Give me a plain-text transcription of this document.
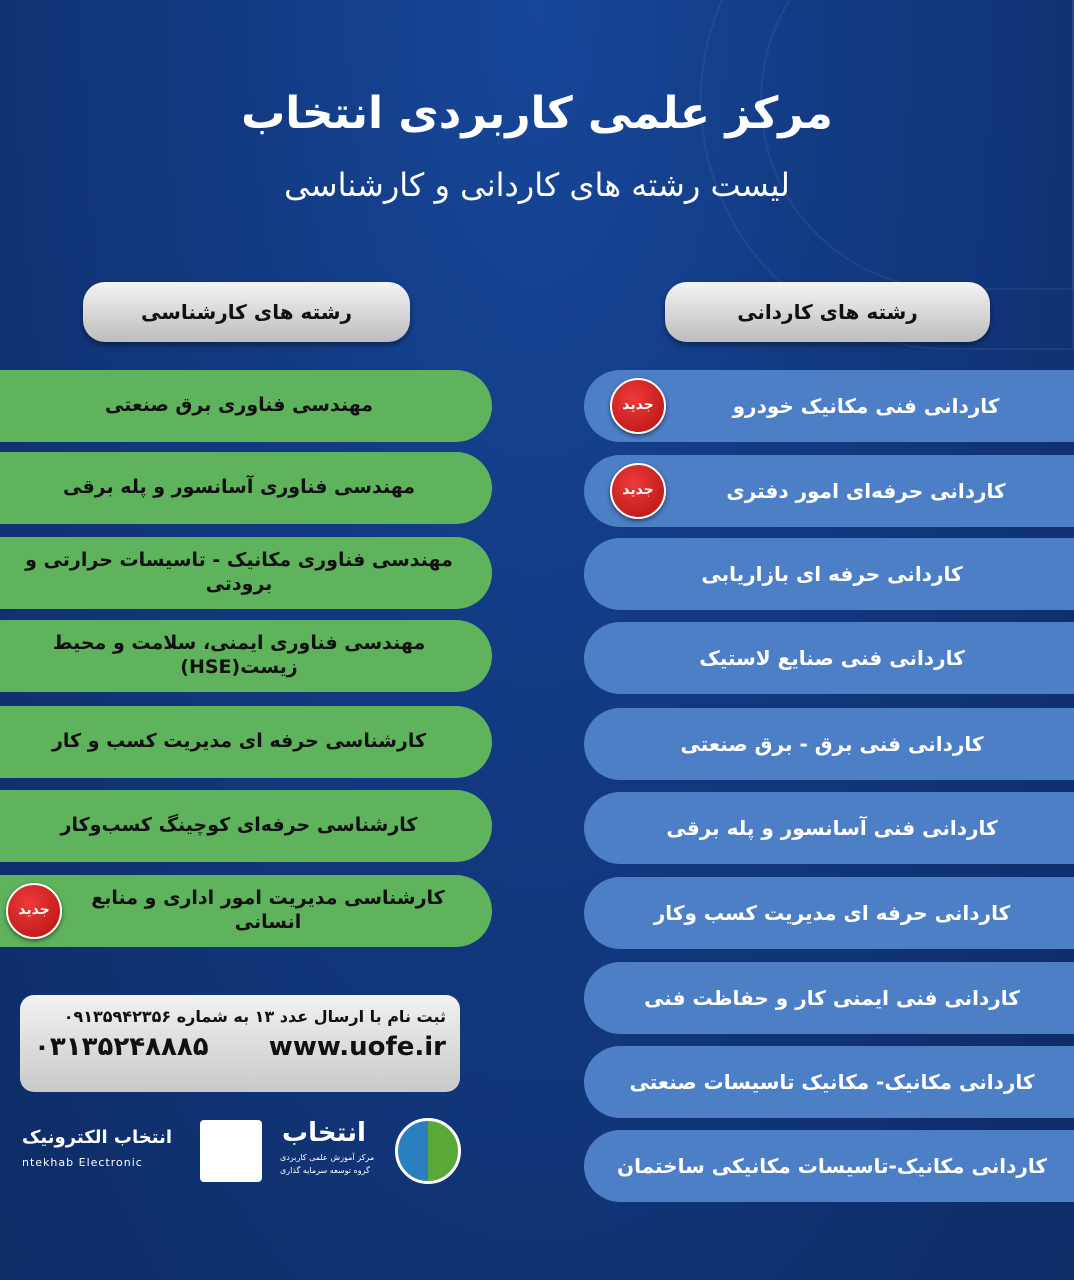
مرکز علمی کاربردی انتخاب
لیست رشته های کاردانی و کارشناسی
رشته های کاردانی
رشته های کارشناسی
کاردانی فنی مکانیک خودرو
جدید
کاردانی حرفه‌ای امور دفتری
جدید
کاردانی حرفه ای بازاریابی
کاردانی فنی صنایع لاستیک
کاردانی فنی برق - برق صنعتی
کاردانی فنی آسانسور و پله برقی
کاردانی حرفه ای مدیریت کسب وکار
کاردانی فنی ایمنی کار و حفاظت فنی
کاردانی مکانیک- مکانیک تاسیسات صنعتی
کاردانی مکانیک-تاسیسات مکانیکی ساختمان
مهندسی فناوری برق صنعتی
مهندسی فناوری آسانسور و پله برقی
مهندسی فناوری مکانیک - تاسیسات حرارتی و برودتی
مهندسی فناوری ایمنی، سلامت و محیط زیست(HSE)
کارشناسی حرفه ای مدیریت کسب و کار
کارشناسی حرفه‌ای کوچینگ کسب‌وکار
کارشناسی مدیریت امور اداری و منابع انسانی
جدید
ثبت نام با ارسال عدد ۱۳ به شماره ۰۹۱۳۵۹۴۲۳۵۶
۰۳۱۳۵۲۴۸۸۸۵ www.uofe.ir
انتخاب
مرکز آموزش علمی کاربردی
گروه توسعه سرمایه گذاری
انتخاب الکترونیک
ntekhab Electronic
